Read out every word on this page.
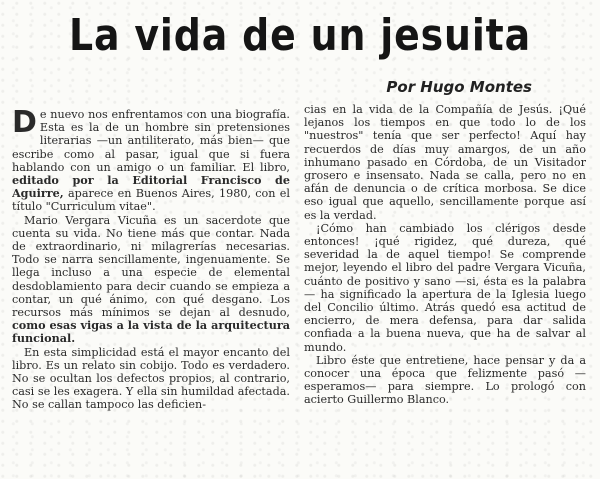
La vida de un jesuita
Por Hugo Montes

De nuevo nos enfrentamos con una biografía. Esta es la de un hombre sin pretensiones literarias —un antiliterato, más bien— que escribe como al pasar, igual que si fuera hablando con un amigo o un familiar. El libro, editado por la Editorial Francisco de Aguirre, aparece en Buenos Aires, 1980, con el título "Curriculum vitae".

Mario Vergara Vicuña es un sacerdote que cuenta su vida. No tiene más que contar. Nada de extraordinario, ni milagrerías necesarias. Todo se narra sencillamente, ingenuamente. Se llega incluso a una especie de elemental desdoblamiento para decir cuando se empieza a contar, un qué ánimo, con qué desgano. Los recursos más mínimos se dejan al desnudo, como esas vigas a la vista de la arquitectura funcional.

En esta simplicidad está el mayor encanto del libro. Es un relato sin cobijo. Todo es verdadero. No se ocultan los defectos propios, al contrario, casi se les exagera. Y ella sin humildad afectada. No se callan tampoco las deficien-

cias en la vida de la Compañía de Jesús. ¡Qué lejanos los tiempos en que todo lo de los "nuestros" tenía que ser perfecto! Aquí hay recuerdos de días muy amargos, de un año inhumano pasado en Córdoba, de un Visitador grosero e insensato. Nada se calla, pero no en afán de denuncia o de crítica morbosa. Se dice eso igual que aquello, sencillamente porque así es la verdad.

¡Cómo han cambiado los clérigos desde entonces! ¡qué rigidez, qué dureza, qué severidad la de aquel tiempo! Se comprende mejor, leyendo el libro del padre Vergara Vicuña, cuánto de positivo y sano —si, ésta es la palabra— ha significado la apertura de la Iglesia luego del Concilio último. Atrás quedó esa actitud de encierro, de mera defensa, para dar salida confiada a la buena nueva, que ha de salvar al mundo.

Libro éste que entretiene, hace pensar y da a conocer una época que felizmente pasó —esperamos— para siempre. Lo prologó con acierto Guillermo Blanco.
